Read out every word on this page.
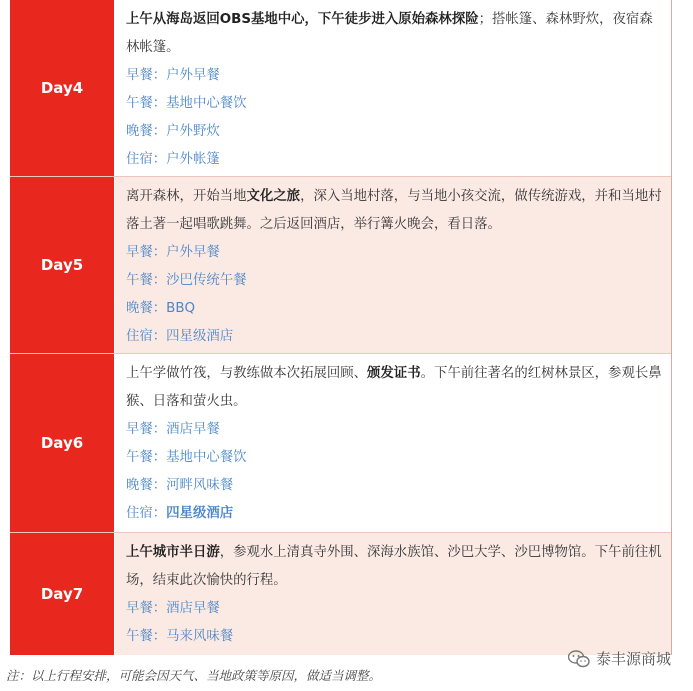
Day4

上午从海岛返回OBS基地中心，下午徒步进入原始森林探险；搭帐篷、森林野炊，夜宿森林帐篷。

早餐：户外早餐
午餐：基地中心餐饮
晚餐：户外野炊
住宿：户外帐篷
Day5

离开森林，开始当地文化之旅，深入当地村落，与当地小孩交流，做传统游戏，并和当地村落土著一起唱歌跳舞。之后返回酒店，举行篝火晚会，看日落。

早餐：户外早餐
午餐：沙巴传统午餐
晚餐：BBQ
住宿：四星级酒店
Day6

上午学做竹筏，与教练做本次拓展回顾、颁发证书。下午前往著名的红树林景区，参观长鼻猴、日落和萤火虫。

早餐：酒店早餐
午餐：基地中心餐饮
晚餐：河畔风味餐
住宿：四星级酒店
Day7

上午城市半日游，参观水上清真寺外围、深海水族馆、沙巴大学、沙巴博物馆。下午前往机场，结束此次愉快的行程。

早餐：酒店早餐
午餐：马来风味餐
泰丰源商城
注：以上行程安排，可能会因天气、当地政策等原因，做适当调整。
